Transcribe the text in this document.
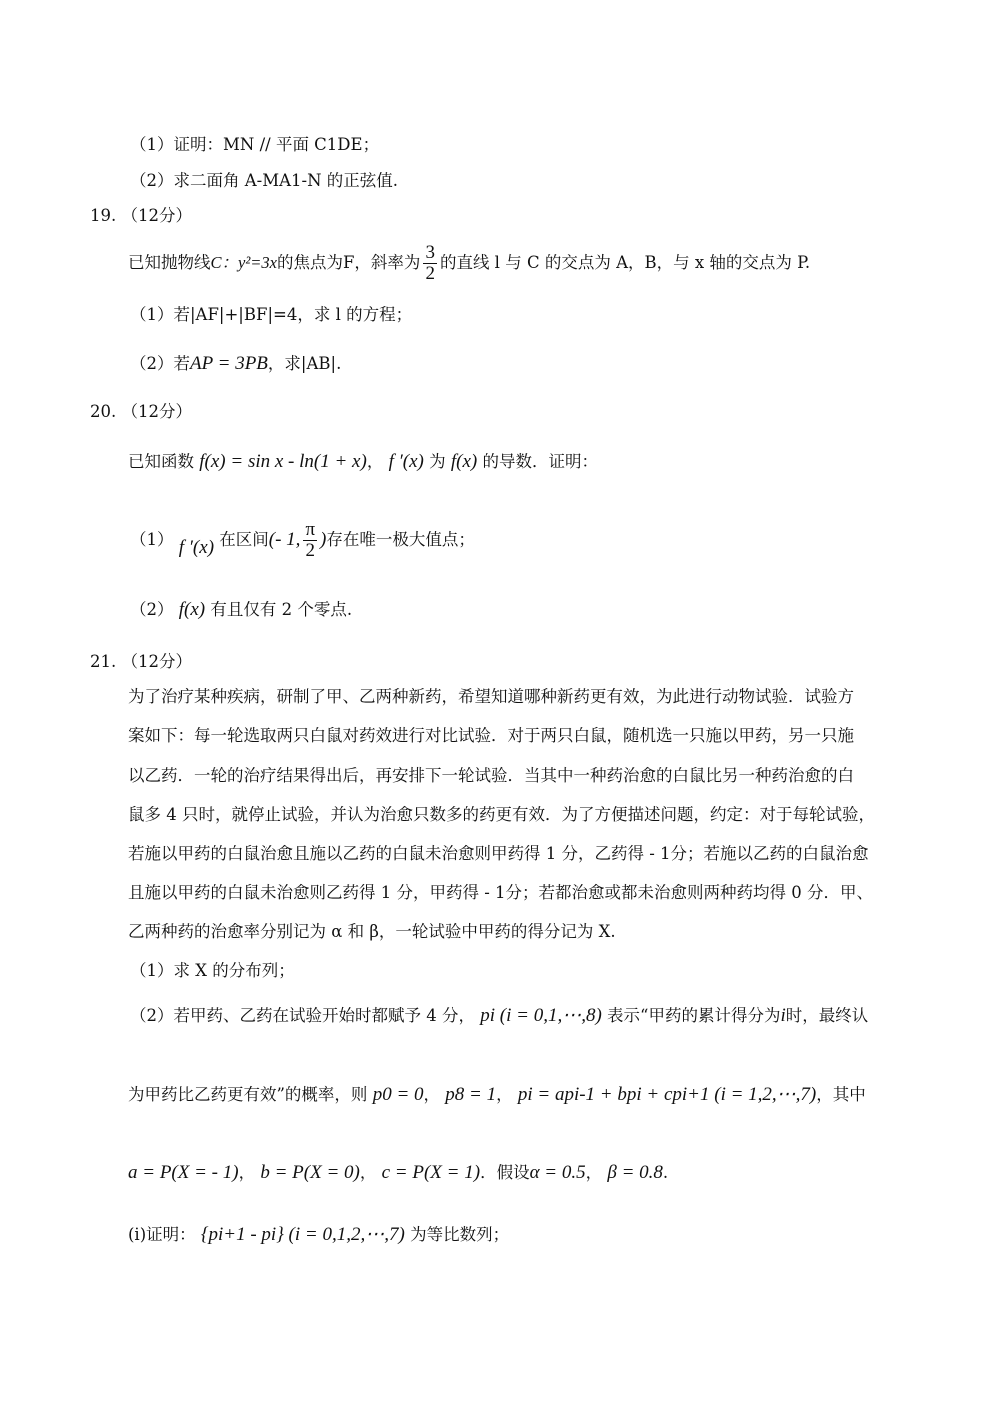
（1）证明：MN // 平面 C1DE；
（2）求二面角 A-MA1-N 的正弦值.
19. （12分）
已知抛物线C：y²=3x的焦点为F，斜率为 $\frac{3}{2}$ 的直线 l 与 C 的交点为 A，B，与 x 轴的交点为 P.
（1）若|AF|+|BF|=4，求 l 的方程；
（2）若AP = 3PB，求|AB|.
20. （12分）
已知函数 f(x) = sin x - ln(1 + x)， f ′(x) 为 f(x) 的导数．证明：
（1） f ′(x) 在区间(- 1, $\frac{\pi}{2}$ )存在唯一极大值点；
（2） f(x) 有且仅有 2 个零点.
21. （12分）
为了治疗某种疾病，研制了甲、乙两种新药，希望知道哪种新药更有效，为此进行动物试验．试验方
案如下：每一轮选取两只白鼠对药效进行对比试验．对于两只白鼠，随机选一只施以甲药，另一只施
以乙药．一轮的治疗结果得出后，再安排下一轮试验．当其中一种药治愈的白鼠比另一种药治愈的白
鼠多 4 只时，就停止试验，并认为治愈只数多的药更有效．为了方便描述问题，约定：对于每轮试验，
若施以甲药的白鼠治愈且施以乙药的白鼠未治愈则甲药得 1 分，乙药得 - 1分；若施以乙药的白鼠治愈
且施以甲药的白鼠未治愈则乙药得 1 分，甲药得 - 1分；若都治愈或都未治愈则两种药均得 0 分．甲、
乙两种药的治愈率分别记为 α 和 β，一轮试验中甲药的得分记为 X.
（1）求 X 的分布列；
（2）若甲药、乙药在试验开始时都赋予 4 分， pi (i = 0,1,⋯,8) 表示“甲药的累计得分为i时，最终认
为甲药比乙药更有效”的概率，则 p0 = 0， p8 = 1， pi = api-1 + bpi + cpi+1 (i = 1,2,⋯,7)，其中
a = P(X = - 1)， b = P(X = 0)， c = P(X = 1)．假设α = 0.5， β = 0.8.
(i)证明： {pi+1 - pi} (i = 0,1,2,⋯,7) 为等比数列；
